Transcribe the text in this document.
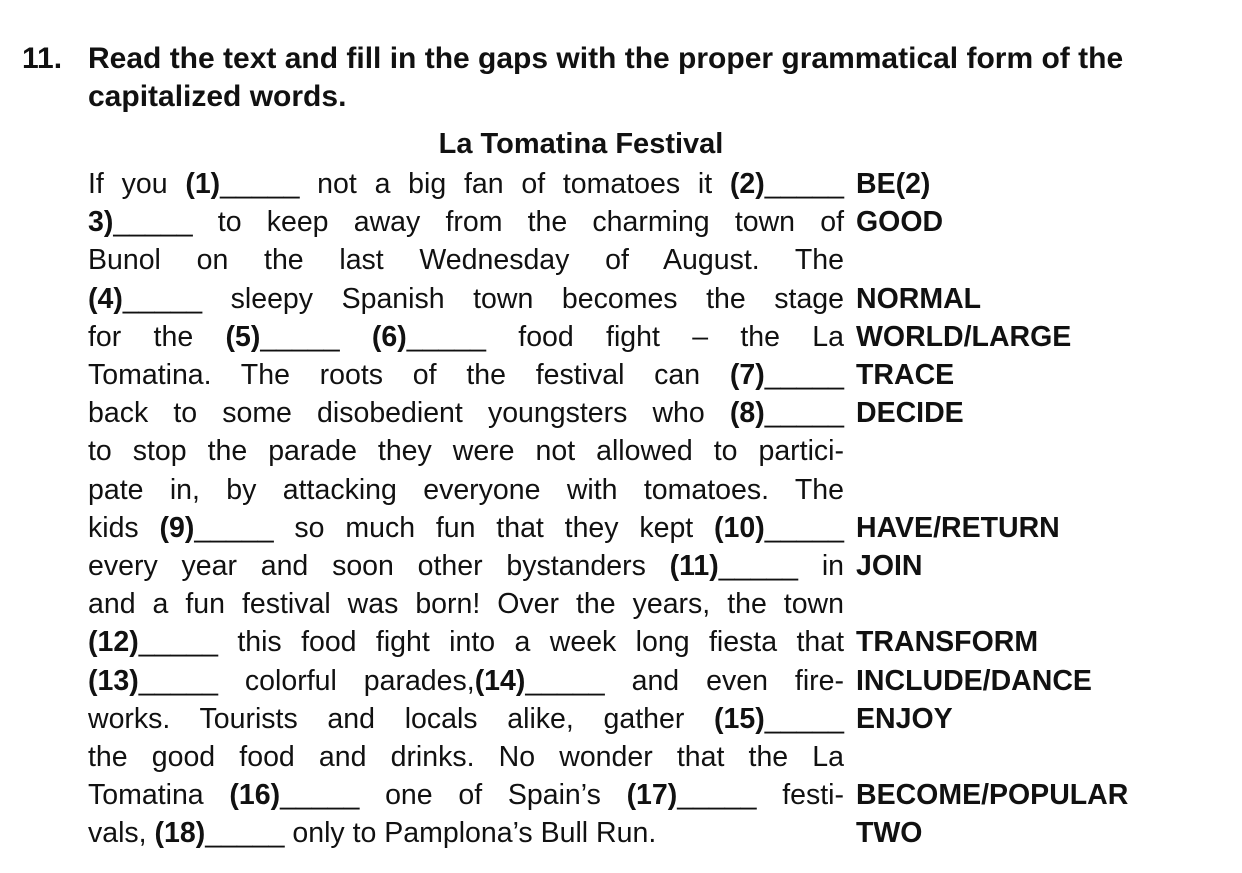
11. Read the text and fill in the gaps with the proper grammatical form of the capitalized words.
La Tomatina Festival
If you (1)_____ not a big fan of tomatoes it (2)_____ BE(2)
3)_____ to keep away from the charming town of GOOD
Bunol on the last Wednesday of August. The
(4)_____ sleepy Spanish town becomes the stage NORMAL
for the (5)_____ (6)_____ food fight – the La WORLD/LARGE
Tomatina. The roots of the festival can (7)_____ TRACE
back to some disobedient youngsters who (8)_____ DECIDE
to stop the parade they were not allowed to partici-
pate in, by attacking everyone with tomatoes. The
kids (9)_____ so much fun that they kept (10)_____ HAVE/RETURN
every year and soon other bystanders (11)_____ in JOIN
and a fun festival was born! Over the years, the town
(12)_____ this food fight into a week long fiesta that TRANSFORM
(13)_____ colorful parades,(14)_____ and even fire- INCLUDE/DANCE
works. Tourists and locals alike, gather (15)_____ ENJOY
the good food and drinks. No wonder that the La
Tomatina (16)_____ one of Spain’s (17)_____ festi- BECOME/POPULAR
vals, (18)_____ only to Pamplona’s Bull Run.	TWO
